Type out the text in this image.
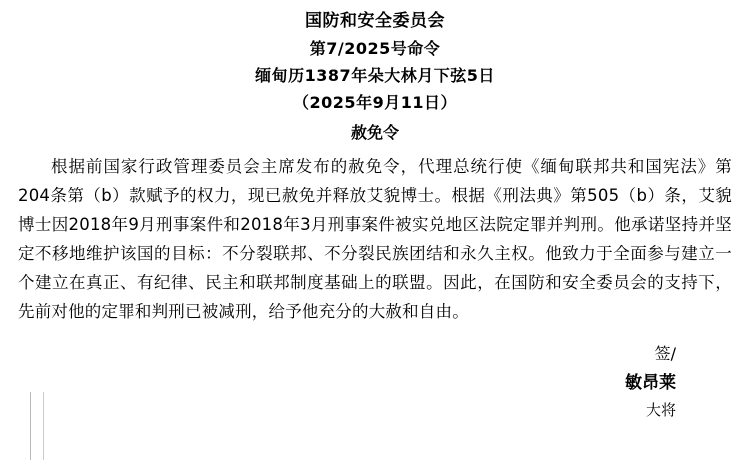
国防和安全委员会
第7/2025号命令
缅甸历1387年朵大林月下弦5日
（2025年9月11日）
赦免令
根据前国家行政管理委员会主席发布的赦免令，代理总统行使《缅甸联邦共和国宪法》第204条第（b）款赋予的权力，现已赦免并释放艾貌博士。根据《刑法典》第505（b）条，艾貌博士因2018年9月刑事案件和2018年3月刑事案件被实兑地区法院定罪并判刑。他承诺坚持并坚定不移地维护该国的目标：不分裂联邦、不分裂民族团结和永久主权。他致力于全面参与建立一个建立在真正、有纪律、民主和联邦制度基础上的联盟。因此，在国防和安全委员会的支持下，先前对他的定罪和判刑已被减刑，给予他充分的大赦和自由。
签/
敏昂莱
大将
